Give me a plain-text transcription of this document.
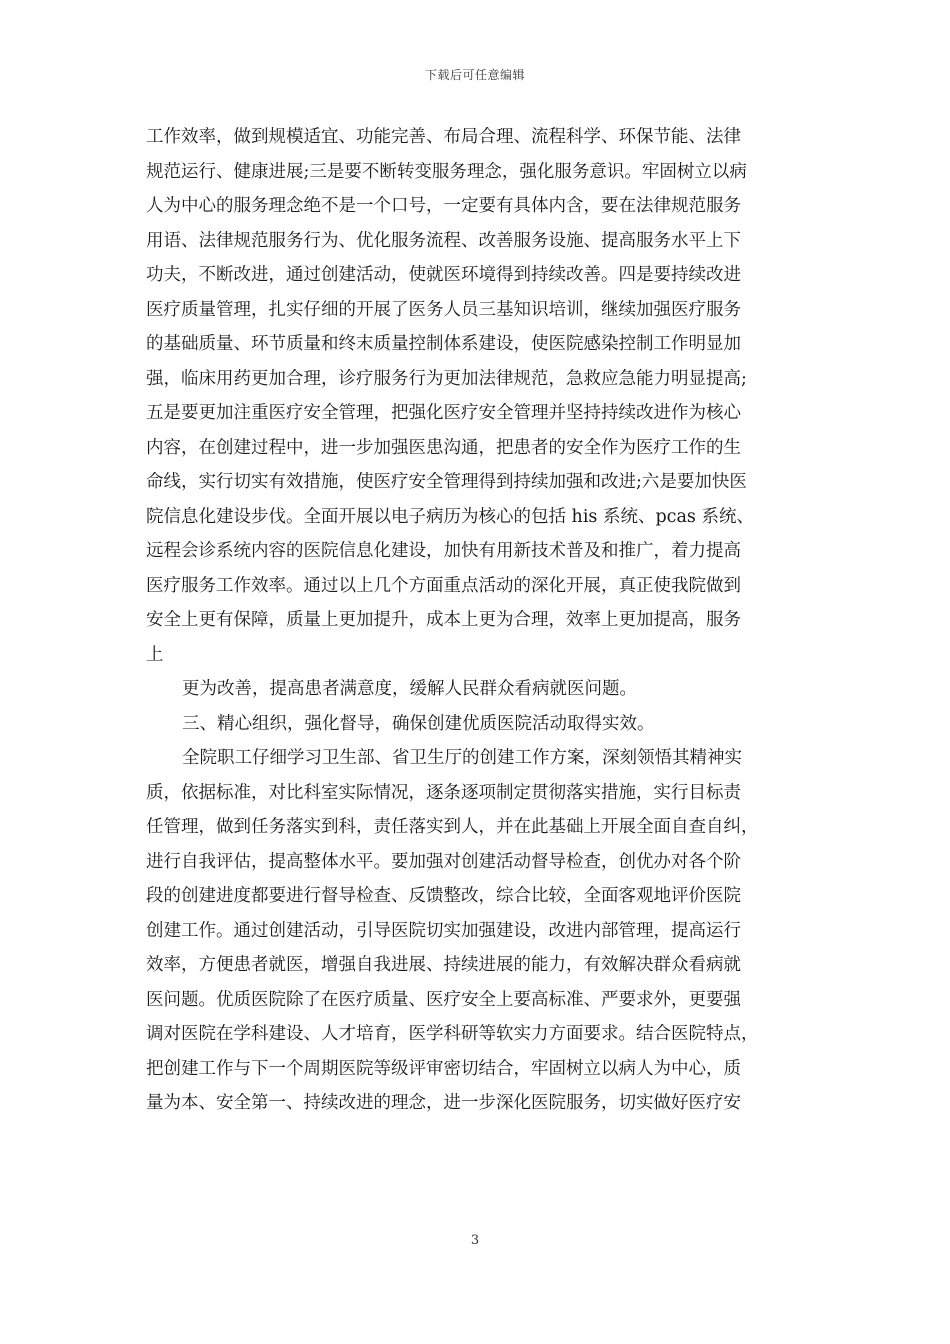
下载后可任意编辑
工作效率，做到规模适宜、功能完善、布局合理、流程科学、环保节能、法律
规范运行、健康进展;三是要不断转变服务理念，强化服务意识。牢固树立以病
人为中心的服务理念绝不是一个口号，一定要有具体内含，要在法律规范服务
用语、法律规范服务行为、优化服务流程、改善服务设施、提高服务水平上下
功夫，不断改进，通过创建活动，使就医环境得到持续改善。四是要持续改进
医疗质量管理，扎实仔细的开展了医务人员三基知识培训，继续加强医疗服务
的基础质量、环节质量和终末质量控制体系建设，使医院感染控制工作明显加
强，临床用药更加合理，诊疗服务行为更加法律规范，急救应急能力明显提高;
五是要更加注重医疗安全管理，把强化医疗安全管理并坚持持续改进作为核心
内容，在创建过程中，进一步加强医患沟通，把患者的安全作为医疗工作的生
命线，实行切实有效措施，使医疗安全管理得到持续加强和改进;六是要加快医
院信息化建设步伐。全面开展以电子病历为核心的包括 his 系统、pcas 系统、
远程会诊系统内容的医院信息化建设，加快有用新技术普及和推广，着力提高
医疗服务工作效率。通过以上几个方面重点活动的深化开展，真正使我院做到
安全上更有保障，质量上更加提升，成本上更为合理，效率上更加提高，服务
上
更为改善，提高患者满意度，缓解人民群众看病就医问题。
三、精心组织，强化督导，确保创建优质医院活动取得实效。
全院职工仔细学习卫生部、省卫生厅的创建工作方案，深刻领悟其精神实
质，依据标准，对比科室实际情况，逐条逐项制定贯彻落实措施，实行目标责
任管理，做到任务落实到科，责任落实到人，并在此基础上开展全面自查自纠，
进行自我评估，提高整体水平。要加强对创建活动督导检查，创优办对各个阶
段的创建进度都要进行督导检查、反馈整改，综合比较，全面客观地评价医院
创建工作。通过创建活动，引导医院切实加强建设，改进内部管理，提高运行
效率，方便患者就医，增强自我进展、持续进展的能力，有效解决群众看病就
医问题。优质医院除了在医疗质量、医疗安全上要高标准、严要求外，更要强
调对医院在学科建设、人才培育，医学科研等软实力方面要求。结合医院特点，
把创建工作与下一个周期医院等级评审密切结合，牢固树立以病人为中心，质
量为本、安全第一、持续改进的理念，进一步深化医院服务，切实做好医疗安
3
